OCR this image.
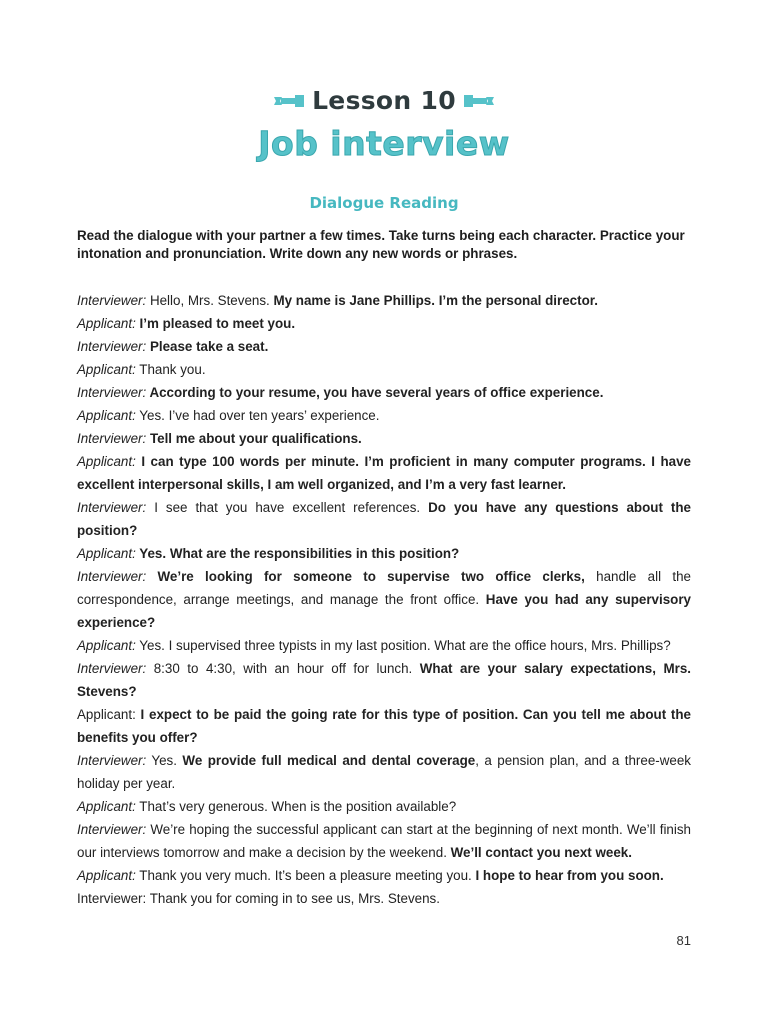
Lesson 10
Job interview
Dialogue Reading
Read the dialogue with your partner a few times. Take turns being each character. Practice your intonation and pronunciation. Write down any new words or phrases.

Interviewer: Hello, Mrs. Stevens. My name is Jane Phillips. I’m the personal director.

Applicant: I’m pleased to meet you.

Interviewer: Please take a seat.

Applicant: Thank you.

Interviewer: According to your resume, you have several years of office experience.

Applicant: Yes. I’ve had over ten years’ experience.

Interviewer: Tell me about your qualifications.

Applicant: I can type 100 words per minute. I’m proficient in many computer programs. I have excellent interpersonal skills, I am well organized, and I’m a very fast learner.

Interviewer: I see that you have excellent references. Do you have any questions about the position?

Applicant: Yes. What are the responsibilities in this position?

Interviewer: We’re looking for someone to supervise two office clerks, handle all the correspondence, arrange meetings, and manage the front office. Have you had any supervisory experience?

Applicant: Yes. I supervised three typists in my last position. What are the office hours, Mrs. Phillips?

Interviewer: 8:30 to 4:30, with an hour off for lunch. What are your salary expectations, Mrs. Stevens?

Applicant: I expect to be paid the going rate for this type of position. Can you tell me about the benefits you offer?

Interviewer: Yes. We provide full medical and dental coverage, a pension plan, and a three-week holiday per year.

Applicant: That’s very generous. When is the position available?

Interviewer: We’re hoping the successful applicant can start at the beginning of next month. We’ll finish our interviews tomorrow and make a decision by the weekend. We’ll contact you next week.

Applicant: Thank you very much. It’s been a pleasure meeting you. I hope to hear from you soon.

Interviewer: Thank you for coming in to see us, Mrs. Stevens.

81
